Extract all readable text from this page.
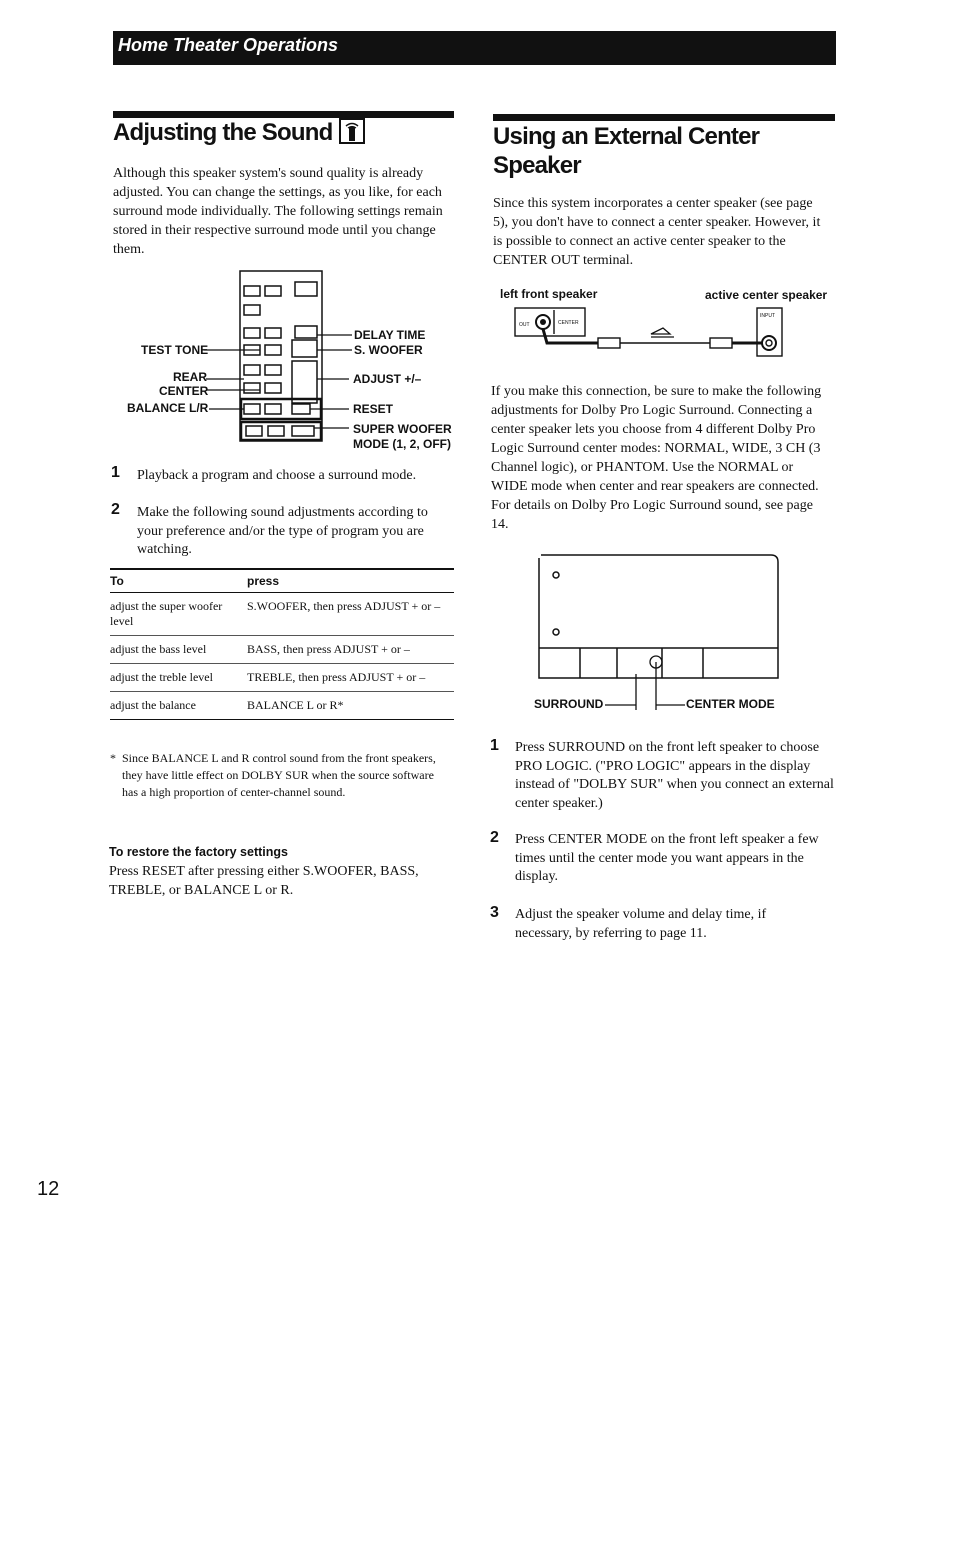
Home Theater Operations
Adjusting the Sound

Although this speaker system's sound quality is already adjusted. You can change the settings, as you like, for each surround mode individually. The following settings remain stored in their respective surround mode until you change them.

TEST TONE
REAR
CENTER
BALANCE L/R
DELAY TIME
S. WOOFER
ADJUST +/–
RESET
SUPER WOOFER
MODE (1, 2, OFF)
1 Playback a program and choose a surround mode.
2 Make the following sound adjustments according to your preference and/or the type of program you are watching.
To	press
adjust the super woofer level	S.WOOFER, then press ADJUST + or –
adjust the bass level	BASS, then press ADJUST + or –
adjust the treble level	TREBLE, then press ADJUST + or –
adjust the balance	BALANCE L or R*
* Since BALANCE L and R control sound from the front speakers, they have little effect on DOLBY SUR when the source software has a high proportion of center-channel sound.
To restore the factory settings

Press RESET after pressing either S.WOOFER, BASS, TREBLE, or BALANCE L or R.

Using an External Center
Speaker

Since this system incorporates a center speaker (see page 5), you don't have to connect a center speaker. However, it is possible to connect an active center speaker to the CENTER OUT terminal.

left front speaker	active center speaker
OUT	CENTER
INPUT

If you make this connection, be sure to make the following adjustments for Dolby Pro Logic Surround. Connecting a center speaker lets you choose from 4 different Dolby Pro Logic Surround center modes: NORMAL, WIDE, 3 CH (3 Channel logic), or PHANTOM. Use the NORMAL or WIDE mode when center and rear speakers are connected. For details on Dolby Pro Logic Surround sound, see page 14.

SURROUND	CENTER MODE
1 Press SURROUND on the front left speaker to choose PRO LOGIC. ("PRO LOGIC" appears in the display instead of "DOLBY SUR" when you connect an external center speaker.)
2 Press CENTER MODE on the front left speaker a few times until the center mode you want appears in the display.
3 Adjust the speaker volume and delay time, if necessary, by referring to page 11.
12
